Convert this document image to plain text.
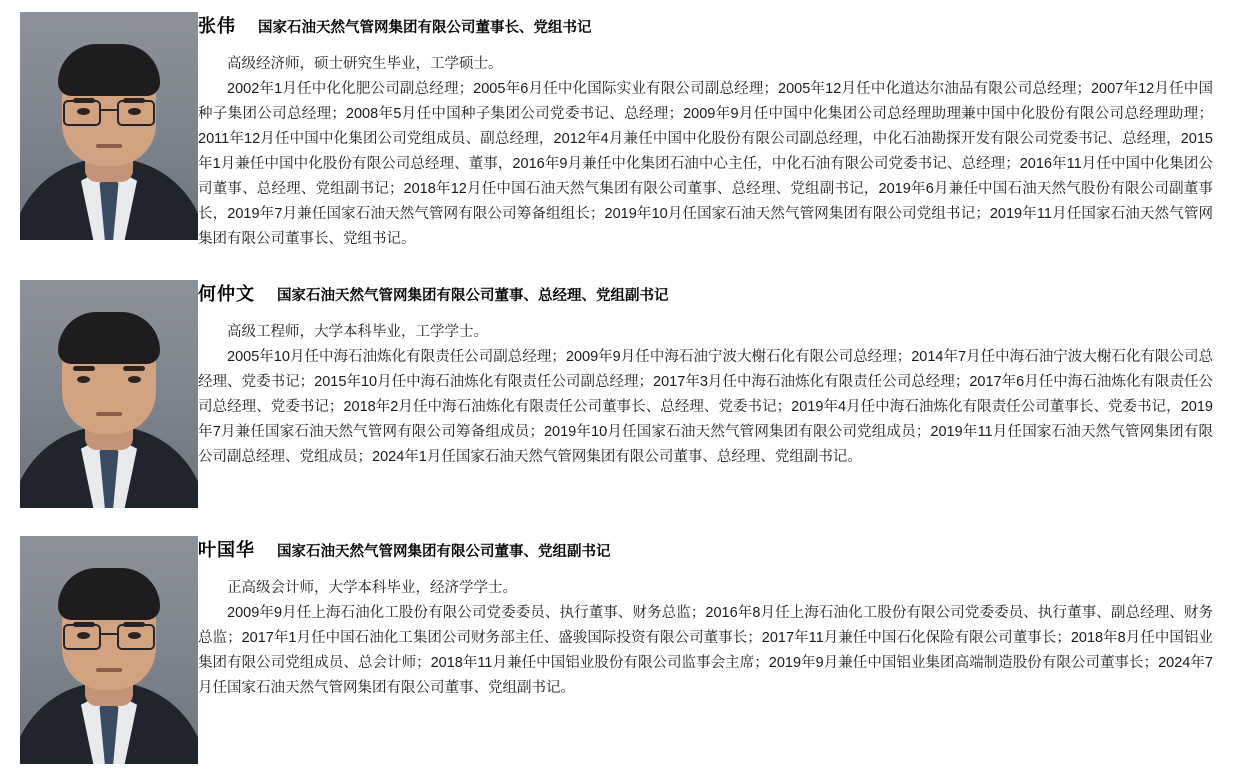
张伟 国家石油天然气管网集团有限公司董事长、党组书记

高级经济师，硕士研究生毕业，工学硕士。

2002年1月任中化化肥公司副总经理；2005年6月任中化国际实业有限公司副总经理；2005年12月任中化道达尔油品有限公司总经理；2007年12月任中国种子集团公司总经理；2008年5月任中国种子集团公司党委书记、总经理；2009年9月任中国中化集团公司总经理助理兼中国中化股份有限公司总经理助理；2011年12月任中国中化集团公司党组成员、副总经理，2012年4月兼任中国中化股份有限公司副总经理，中化石油勘探开发有限公司党委书记、总经理，2015年1月兼任中国中化股份有限公司总经理、董事，2016年9月兼任中化集团石油中心主任，中化石油有限公司党委书记、总经理；2016年11月任中国中化集团公司董事、总经理、党组副书记；2018年12月任中国石油天然气集团有限公司董事、总经理、党组副书记，2019年6月兼任中国石油天然气股份有限公司副董事长，2019年7月兼任国家石油天然气管网有限公司筹备组组长；2019年10月任国家石油天然气管网集团有限公司党组书记；2019年11月任国家石油天然气管网集团有限公司董事长、党组书记。

何仲文 国家石油天然气管网集团有限公司董事、总经理、党组副书记

高级工程师，大学本科毕业，工学学士。

2005年10月任中海石油炼化有限责任公司副总经理；2009年9月任中海石油宁波大榭石化有限公司总经理；2014年7月任中海石油宁波大榭石化有限公司总经理、党委书记；2015年10月任中海石油炼化有限责任公司副总经理；2017年3月任中海石油炼化有限责任公司总经理；2017年6月任中海石油炼化有限责任公司总经理、党委书记；2018年2月任中海石油炼化有限责任公司董事长、总经理、党委书记；2019年4月任中海石油炼化有限责任公司董事长、党委书记，2019年7月兼任国家石油天然气管网有限公司筹备组成员；2019年10月任国家石油天然气管网集团有限公司党组成员；2019年11月任国家石油天然气管网集团有限公司副总经理、党组成员；2024年1月任国家石油天然气管网集团有限公司董事、总经理、党组副书记。

叶国华 国家石油天然气管网集团有限公司董事、党组副书记

正高级会计师，大学本科毕业，经济学学士。

2009年9月任上海石油化工股份有限公司党委委员、执行董事、财务总监；2016年8月任上海石油化工股份有限公司党委委员、执行董事、副总经理、财务总监；2017年1月任中国石油化工集团公司财务部主任、盛骏国际投资有限公司董事长；2017年11月兼任中国石化保险有限公司董事长；2018年8月任中国铝业集团有限公司党组成员、总会计师；2018年11月兼任中国铝业股份有限公司监事会主席；2019年9月兼任中国铝业集团高端制造股份有限公司董事长；2024年7月任国家石油天然气管网集团有限公司董事、党组副书记。
